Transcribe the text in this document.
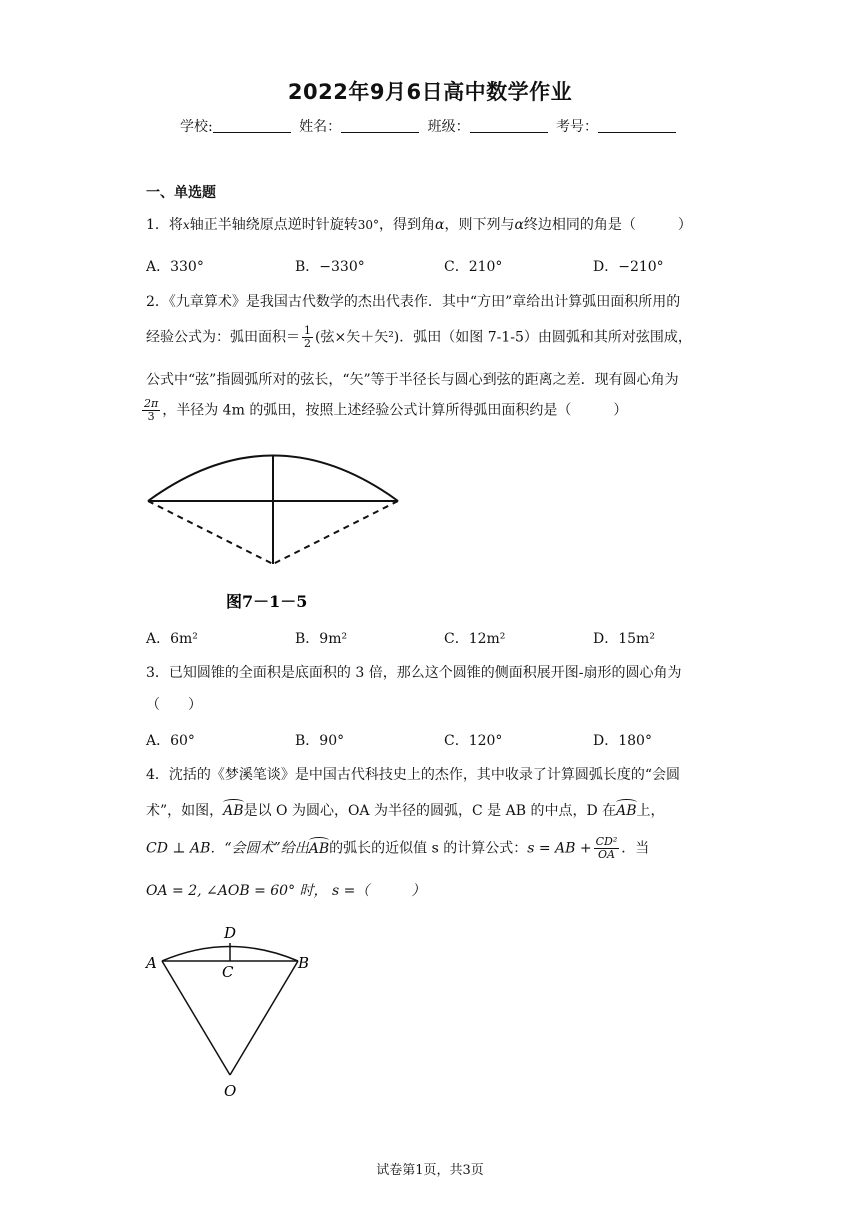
2022年9月6日高中数学作业
学校:	姓名：	班级：	考号：
一、单选题
1．将x轴正半轴绕原点逆时针旋转30°，得到角α，则下列与α终边相同的角是（　　　）
A．330°	B．−330°	C．210°	D．−210°
2．《九章算术》是我国古代数学的杰出代表作．其中“方田”章给出计算弧田面积所用的
经验公式为：弧田面积＝ $\frac{1}{2}$ (弦×矢＋矢²)．弧田（如图 7-1-5）由圆弧和其所对弦围成，
公式中“弦”指圆弧所对的弦长，“矢”等于半径长与圆心到弦的距离之差．现有圆心角为
$\frac{2\pi}{3}$ ，半径为 4m 的弧田，按照上述经验公式计算所得弧田面积约是（　　　）
图7－1－5
A．6m²	B．9m²	C．12m²	D．15m²
3．已知圆锥的全面积是底面积的 3 倍，那么这个圆锥的侧面积展开图-扇形的圆心角为
（　　）
A．60°	B．90°	C．120°	D．180°
4．沈括的《梦溪笔谈》是中国古代科技史上的杰作，其中收录了计算圆弧长度的“会圆
术”，如图，AB是以 O 为圆心，OA 为半径的圆弧，C 是 AB 的中点，D 在AB上，
CD ⊥ AB．“会圆术”给出AB的弧长的近似值 s 的计算公式：s = AB + $\frac{\text{CD²}}{OA}$ ．当
OA = 2, ∠AOB = 60° 时， s =（　　　）
D
A	C	B
O
试卷第1页，共3页
